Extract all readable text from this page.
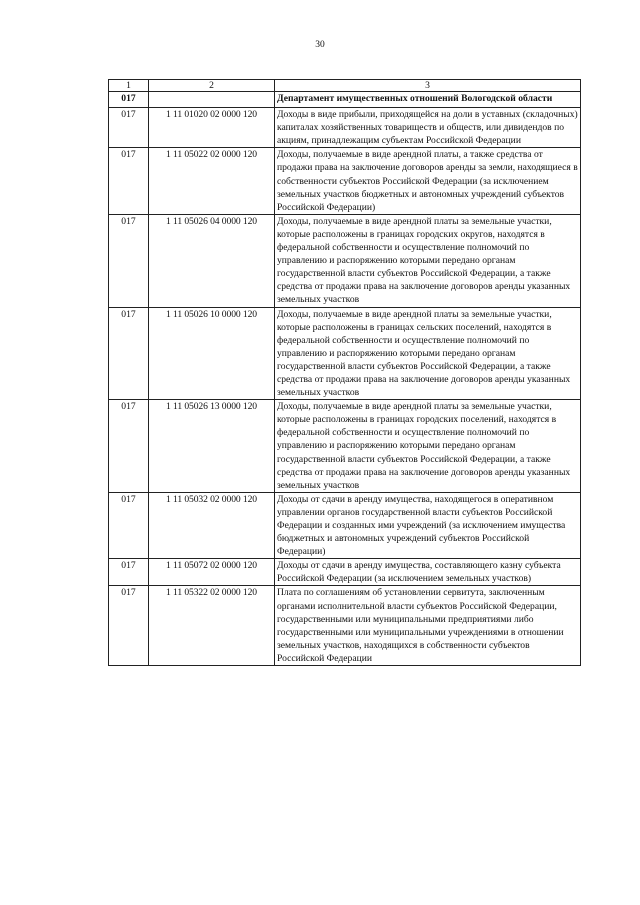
30
1	2	3
017		Департамент имущественных отношений Вологодской области
017	1 11 01020 02 0000 120	Доходы в виде прибыли, приходящейся на доли в уставных (складочных) капиталах хозяйственных товариществ и обществ, или дивидендов по акциям, принадлежащим субъектам Российской Федерации
017	1 11 05022 02 0000 120	Доходы, получаемые в виде арендной платы, а также средства от продажи права на заключение договоров аренды за земли, находящиеся в собственности субъектов Российской Федерации (за исключением земельных участков бюджетных и автономных учреждений субъектов Российской Федерации)
017	1 11 05026 04 0000 120	Доходы, получаемые в виде арендной платы за земельные участки, которые расположены в границах городских округов, находятся в федеральной собственности и осуществление полномочий по управлению и распоряжению которыми передано органам государственной власти субъектов Российской Федерации, а также средства от продажи права на заключение договоров аренды указанных земельных участков
017	1 11 05026 10 0000 120	Доходы, получаемые в виде арендной платы за земельные участки, которые расположены в границах сельских поселений, находятся в федеральной собственности и осуществление полномочий по управлению и распоряжению которыми передано органам государственной власти субъектов Российской Федерации, а также средства от продажи права на заключение договоров аренды указанных земельных участков
017	1 11 05026 13 0000 120	Доходы, получаемые в виде арендной платы за земельные участки, которые расположены в границах городских поселений, находятся в федеральной собственности и осуществление полномочий по управлению и распоряжению которыми передано органам государственной власти субъектов Российской Федерации, а также средства от продажи права на заключение договоров аренды указанных земельных участков
017	1 11 05032 02 0000 120	Доходы от сдачи в аренду имущества, находящегося в оперативном управлении органов государственной власти субъектов Российской Федерации и созданных ими учреждений (за исключением имущества бюджетных и автономных учреждений субъектов Российской Федерации)
017	1 11 05072 02 0000 120	Доходы от сдачи в аренду имущества, составляющего казну субъекта Российской Федерации (за исключением земельных участков)
017	1 11 05322 02 0000 120	Плата по соглашениям об установлении сервитута, заключенным органами исполнительной власти субъектов Российской Федерации, государственными или муниципальными предприятиями либо государственными или муниципальными учреждениями в отношении земельных участков, находящихся в собственности субъектов Российской Федерации
